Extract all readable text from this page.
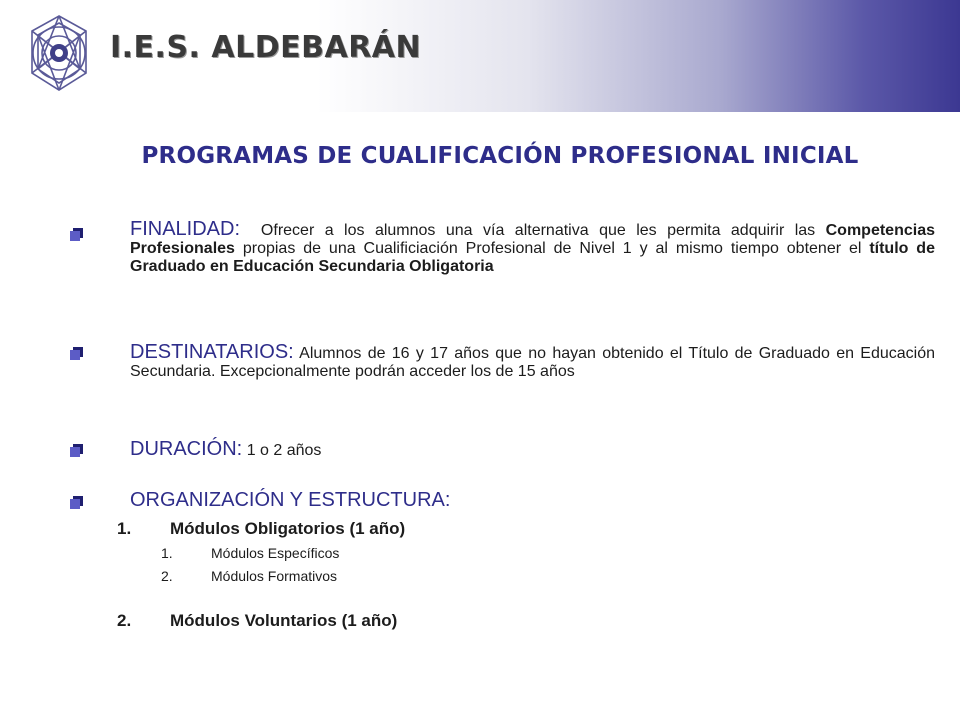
I.E.S. ALDEBARÁN
PROGRAMAS DE CUALIFICACIÓN PROFESIONAL INICIAL
FINALIDAD: Ofrecer a los alumnos una vía alternativa que les permita adquirir las Competencias Profesionales propias de una Cualificiación Profesional de Nivel 1 y al mismo tiempo obtener el título de Graduado en Educación Secundaria Obligatoria
DESTINATARIOS: Alumnos de 16 y 17 años que no hayan obtenido el Título de Graduado en Educación Secundaria. Excepcionalmente podrán acceder los de 15 años
DURACIÓN: 1 o 2 años
ORGANIZACIÓN Y ESTRUCTURA:
1. Módulos Obligatorios (1 año)
1.	Módulos Específicos
2.	Módulos Formativos
2. Módulos Voluntarios (1 año)
